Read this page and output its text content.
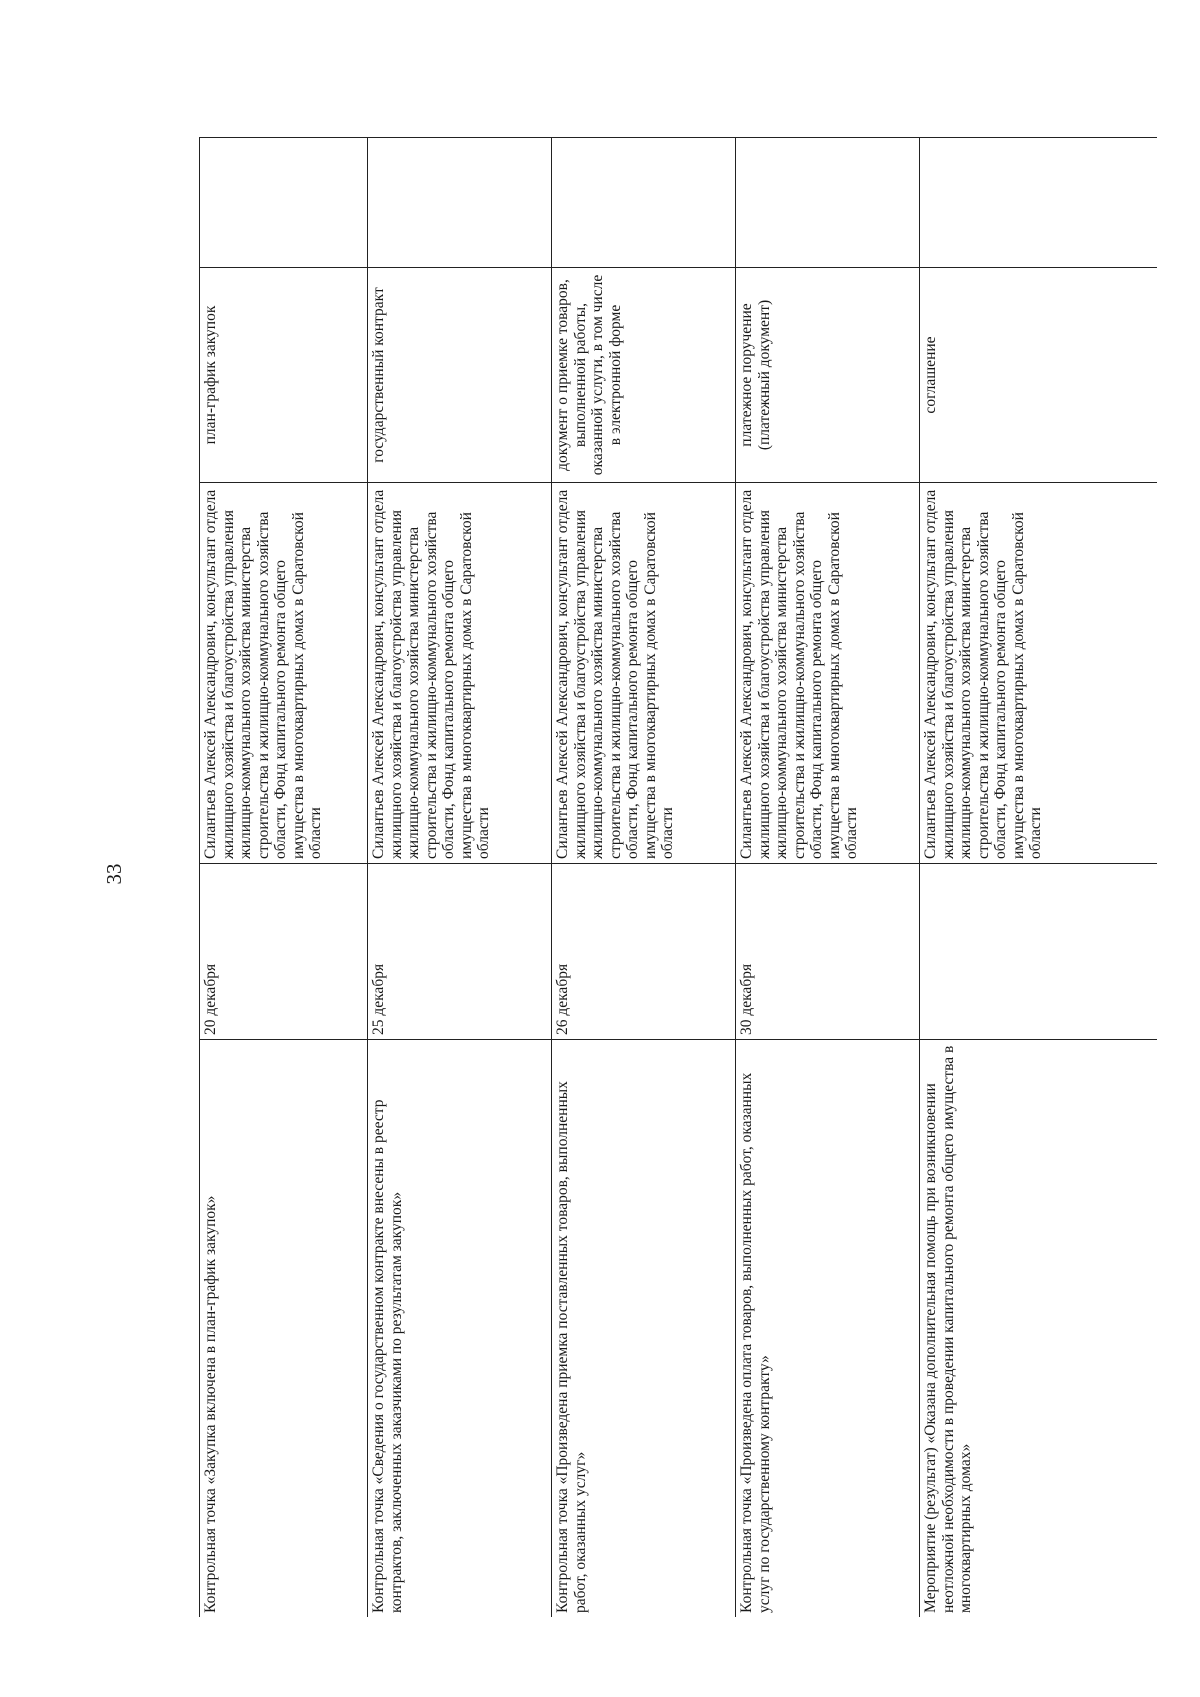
33
Контрольная точка «Закупка включена в план-график закупок»	20 декабря	Силантьев Алексей Александрович, консультант отдела жилищного хозяйства и благоустройства управления жилищно-коммунального хозяйства министерства строительства и жилищно-коммунального хозяйства области, Фонд капитального ремонта общего имущества в многоквартирных домах в Саратовской области	план-график закупок	
Контрольная точка «Сведения о государственном контракте внесены в реестр контрактов, заключенных заказчиками по результатам закупок»	25 декабря	Силантьев Алексей Александрович, консультант отдела жилищного хозяйства и благоустройства управления жилищно-коммунального хозяйства министерства строительства и жилищно-коммунального хозяйства области, Фонд капитального ремонта общего имущества в многоквартирных домах в Саратовской области	государственный контракт	
Контрольная точка «Произведена приемка поставленных товаров, выполненных работ, оказанных услуг»	26 декабря	Силантьев Алексей Александрович, консультант отдела жилищного хозяйства и благоустройства управления жилищно-коммунального хозяйства министерства строительства и жилищно-коммунального хозяйства области, Фонд капитального ремонта общего имущества в многоквартирных домах в Саратовской области	документ о приемке товаров, выполненной работы, оказанной услуги, в том числе в электронной форме	
Контрольная точка «Произведена оплата товаров, выполненных работ, оказанных услуг по государственному контракту»	30 декабря	Силантьев Алексей Александрович, консультант отдела жилищного хозяйства и благоустройства управления жилищно-коммунального хозяйства министерства строительства и жилищно-коммунального хозяйства области, Фонд капитального ремонта общего имущества в многоквартирных домах в Саратовской области	платежное поручение (платежный документ)	
Мероприятие (результат) «Оказана дополнительная помощь при возникновении неотложной необходимости в проведении капитального ремонта общего имущества в многоквартирных домах»		Силантьев Алексей Александрович, консультант отдела жилищного хозяйства и благоустройства управления жилищно-коммунального хозяйства министерства строительства и жилищно-коммунального хозяйства области, Фонд капитального ремонта общего имущества в многоквартирных домах в Саратовской области	соглашение	
